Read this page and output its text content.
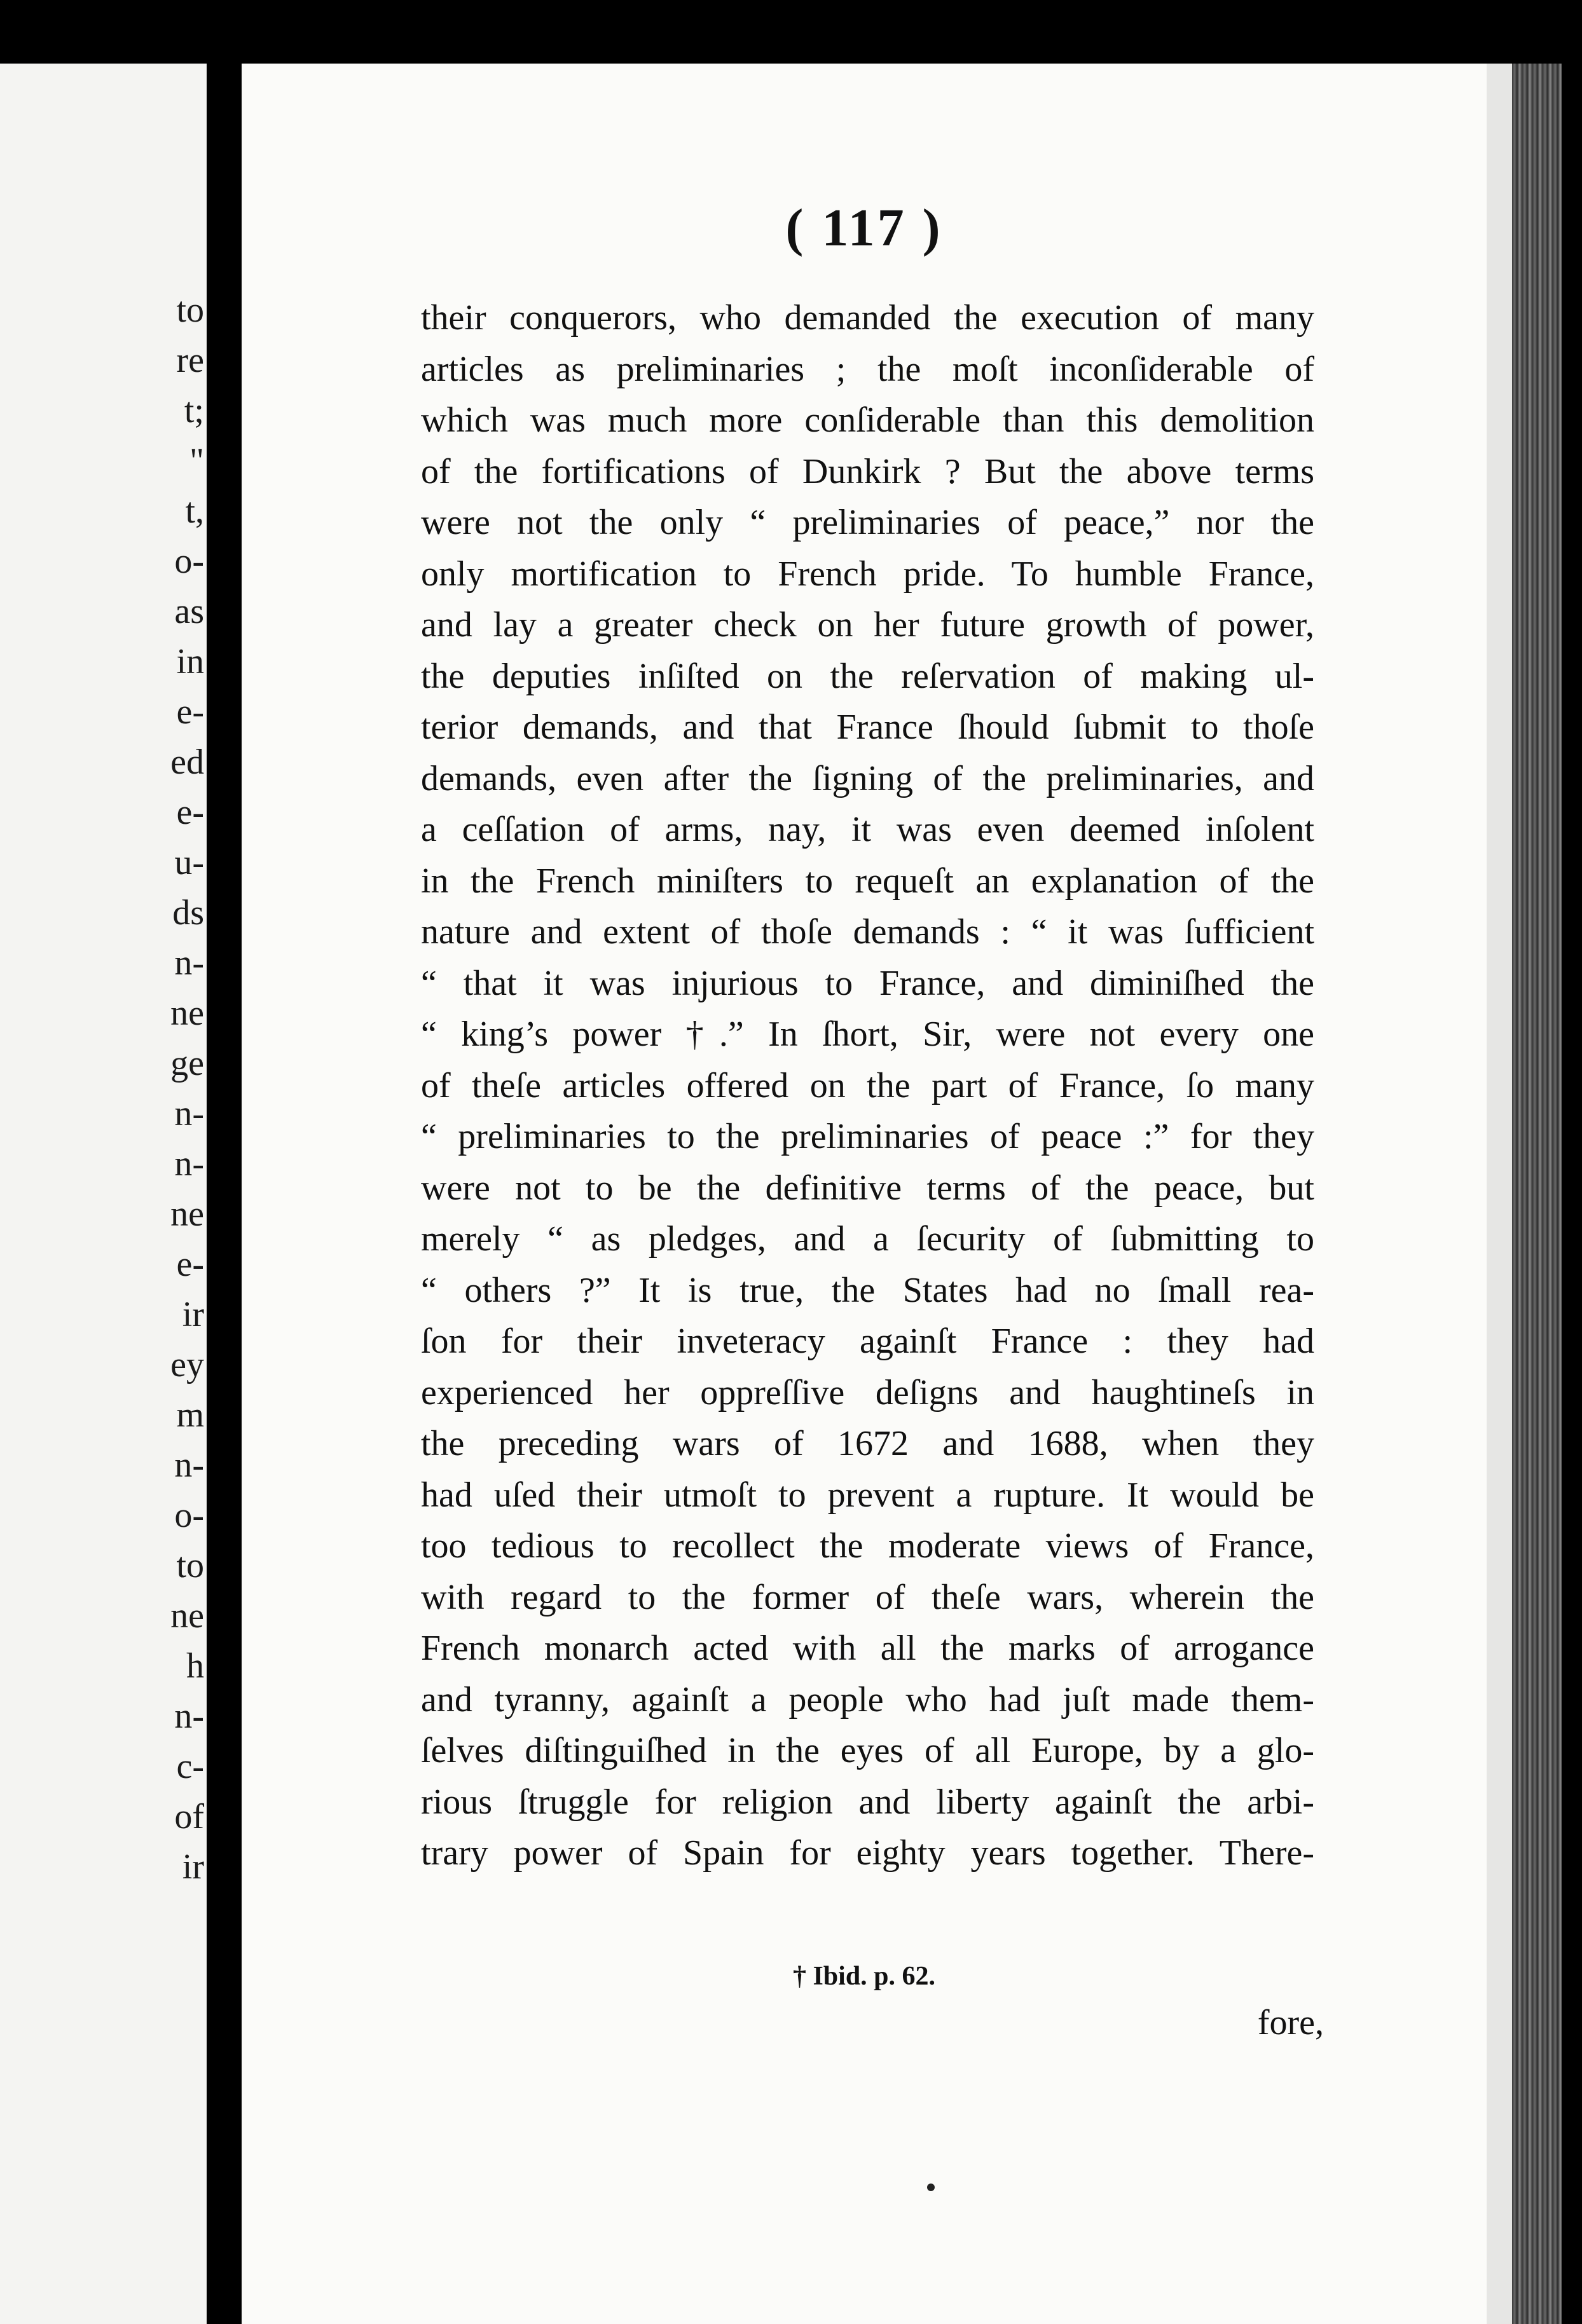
to
re
t;
"
t,
o-
as
in
e-
ed
e-
u-
ds
n-
ne
ge
n-
n-
ne
e-
ir
ey
m
n-
o-
to
ne
h
n-
c-
of
ir
( 117 )
their conquerors, who demanded the execution of many
articles as preliminaries ; the moſt inconſiderable of
which was much more conſiderable than this demolition
of the fortifications of Dunkirk ? But the above terms
were not the only “ preliminaries of peace,” nor the
only mortification to French pride. To humble France,
and lay a greater check on her future growth of power,
the deputies inſiſted on the reſervation of making ul-
terior demands, and that France ſhould ſubmit to thoſe
demands, even after the ſigning of the preliminaries, and
a ceſſation of arms, nay, it was even deemed inſolent
in the French miniſters to requeſt an explanation of the
nature and extent of thoſe demands : “ it was ſufficient
“ that it was injurious to France, and diminiſhed the
“ king’s power †.” In ſhort, Sir, were not every one
of theſe articles offered on the part of France, ſo many
“ preliminaries to the preliminaries of peace :” for they
were not to be the definitive terms of the peace, but
merely “ as pledges, and a ſecurity of ſubmitting to
“ others ?” It is true, the States had no ſmall rea-
ſon for their inveteracy againſt France : they had
experienced her oppreſſive deſigns and haughtineſs in
the preceding wars of 1672 and 1688, when they
had uſed their utmoſt to prevent a rupture. It would be
too tedious to recollect the moderate views of France,
with regard to the former of theſe wars, wherein the
French monarch acted with all the marks of arrogance
and tyranny, againſt a people who had juſt made them-
ſelves diſtinguiſhed in the eyes of all Europe, by a glo-
rious ſtruggle for religion and liberty againſt the arbi-
trary power of Spain for eighty years together. There-
† Ibid. p. 62.
fore,
